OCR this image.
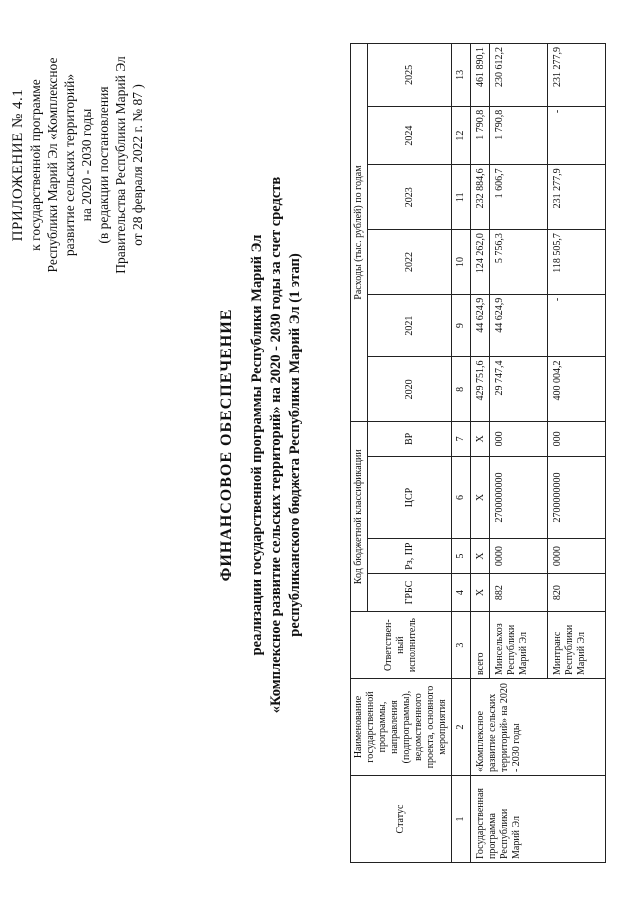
ПРИЛОЖЕНИЕ № 4.1 к государственной программе Республики Марий Эл «Комплексное развитие сельских территорий» на 2020 - 2030 годы (в редакции постановления Правительства Республики Марий Эл от 28 февраля 2022 г. № 87 )
ФИНАНСОВОЕ ОБЕСПЕЧЕНИЕ реализации государственной программы Республики Марий Эл «Комплексное развитие сельских территорий» на 2020 - 2030 годы за счет средств республиканского бюджета Республики Марий Эл (1 этап)
Статус	Наименование государственной программы, направления (подпрограммы), ведомственного проекта, основного мероприятия	Ответствен-ный исполнитель	Код бюджетной классификации				Расходы (тыс. рублей) по годам					
			ГРБС	Рз, ПР	ЦСР	ВР	2020	2021	2022	2023	2024	2025

1	2	3	4	5	6	7	8	9	10	11	12	13
Государственная программа Республики Марий Эл	«Комплексное развитие сельских территорий» на 2020 - 2030 годы	всего	Х	Х	Х	Х	429 751,6	44 624,9	124 262,0	232 884,6	1 790,8	461 890,1
		Минсельхоз Республики Марий Эл	882	0000	2700000000	000	29 747,4	44 624,9	5 756,3	1 606,7	1 790,8	230 612,2
		Минтранс Республики Марий Эл	820	0000	2700000000	000	400 004,2	-	118 505,7	231 277,9	-	231 277,9
